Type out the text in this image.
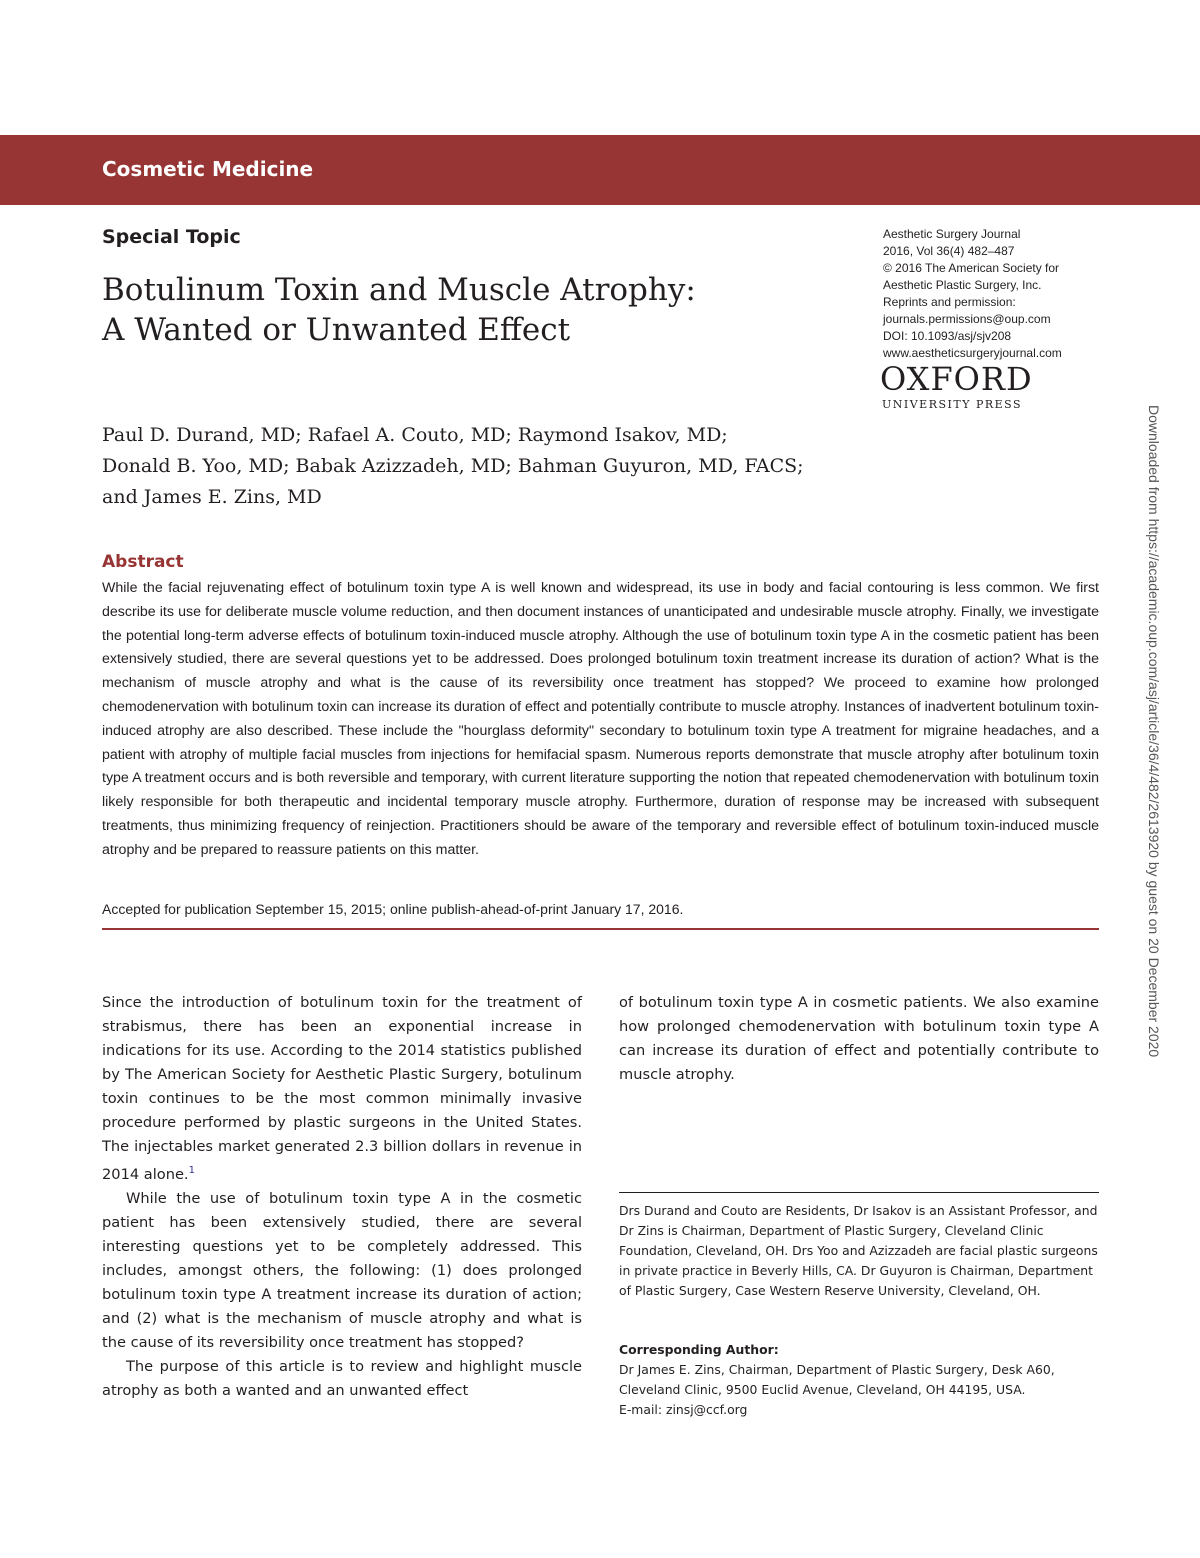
Cosmetic Medicine
Special Topic
Botulinum Toxin and Muscle Atrophy:
A Wanted or Unwanted Effect
Aesthetic Surgery Journal
2016, Vol 36(4) 482–487
© 2016 The American Society for
Aesthetic Plastic Surgery, Inc.
Reprints and permission:
journals.permissions@oup.com
DOI: 10.1093/asj/sjv208
www.aestheticsurgeryjournal.com
OXFORD
UNIVERSITY PRESS
Paul D. Durand, MD; Rafael A. Couto, MD; Raymond Isakov, MD;
Donald B. Yoo, MD; Babak Azizzadeh, MD; Bahman Guyuron, MD, FACS;
and James E. Zins, MD
Abstract
While the facial rejuvenating effect of botulinum toxin type A is well known and widespread, its use in body and facial contouring is less common. We first describe its use for deliberate muscle volume reduction, and then document instances of unanticipated and undesirable muscle atrophy. Finally, we investigate the potential long-term adverse effects of botulinum toxin-induced muscle atrophy. Although the use of botulinum toxin type A in the cosmetic patient has been extensively studied, there are several questions yet to be addressed. Does prolonged botulinum toxin treatment increase its duration of action? What is the mechanism of muscle atrophy and what is the cause of its reversibility once treatment has stopped? We proceed to examine how prolonged chemodenervation with botulinum toxin can increase its duration of effect and potentially contribute to muscle atrophy. Instances of inadvertent botulinum toxin-induced atrophy are also described. These include the "hourglass deformity" secondary to botulinum toxin type A treatment for migraine headaches, and a patient with atrophy of multiple facial muscles from injections for hemifacial spasm. Numerous reports demonstrate that muscle atrophy after botulinum toxin type A treatment occurs and is both reversible and temporary, with current literature supporting the notion that repeated chemodenervation with botulinum toxin likely responsible for both therapeutic and incidental temporary muscle atrophy. Furthermore, duration of response may be increased with subsequent treatments, thus minimizing frequency of reinjection. Practitioners should be aware of the temporary and reversible effect of botulinum toxin-induced muscle atrophy and be prepared to reassure patients on this matter.
Accepted for publication September 15, 2015; online publish-ahead-of-print January 17, 2016.

Since the introduction of botulinum toxin for the treatment of strabismus, there has been an exponential increase in indications for its use. According to the 2014 statistics published by The American Society for Aesthetic Plastic Surgery, botulinum toxin continues to be the most common minimally invasive procedure performed by plastic surgeons in the United States. The injectables market generated 2.3 billion dollars in revenue in 2014 alone.$^1$

While the use of botulinum toxin type A in the cosmetic patient has been extensively studied, there are several interesting questions yet to be completely addressed. This includes, amongst others, the following: (1) does prolonged botulinum toxin type A treatment increase its duration of action; and (2) what is the mechanism of muscle atrophy and what is the cause of its reversibility once treatment has stopped?

The purpose of this article is to review and highlight muscle atrophy as both a wanted and an unwanted effect

of botulinum toxin type A in cosmetic patients. We also examine how prolonged chemodenervation with botulinum toxin type A can increase its duration of effect and potentially contribute to muscle atrophy.

Drs Durand and Couto are Residents, Dr Isakov is an Assistant Professor, and Dr Zins is Chairman, Department of Plastic Surgery, Cleveland Clinic Foundation, Cleveland, OH. Drs Yoo and Azizzadeh are facial plastic surgeons in private practice in Beverly Hills, CA. Dr Guyuron is Chairman, Department of Plastic Surgery, Case Western Reserve University, Cleveland, OH.
Corresponding Author:
Dr James E. Zins, Chairman, Department of Plastic Surgery, Desk A60, Cleveland Clinic, 9500 Euclid Avenue, Cleveland, OH 44195, USA.
E-mail: zinsj@ccf.org
Downloaded from https://academic.oup.com/asj/article/36/4/482/2613920 by guest on 20 December 2020
